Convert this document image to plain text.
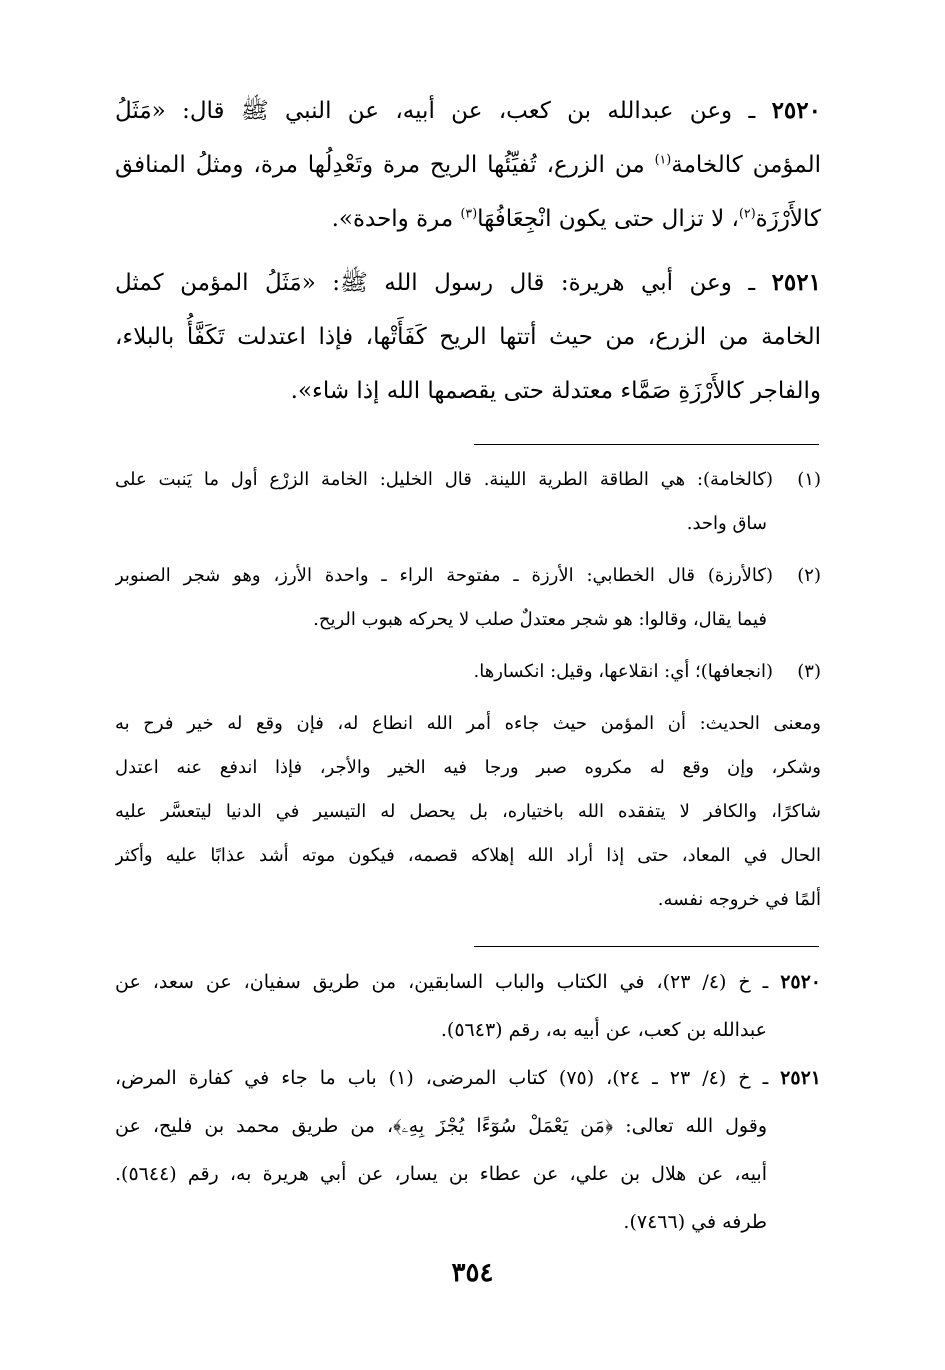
٢٥٢٠ ـ وعن عبدالله بن كعب، عن أبيه، عن النبي ﷺ قال: «مَثَلُ
المؤمن كالخامة$^{(١)}$ من الزرع، تُفيِّئُها الريح مرة وتَعْدِلُها مرة، ومثلُ المنافق
كالأَرْزَة$^{(٢)}$، لا تزال حتى يكون انْجِعَافُهَا$^{(٣)}$ مرة واحدة».
٢٥٢١ ـ وعن أبي هريرة: قال رسول الله ﷺ: «مَثَلُ المؤمن كمثل
الخامة من الزرع، من حيث أتتها الريح كَفَأَتْها، فإذا اعتدلت تَكَفَّأُ بالبلاء،
والفاجر كالأَرْزَةِ صَمَّاء معتدلة حتى يقصمها الله إذا شاء».
(١)(كالخامة): هي الطاقة الطرية اللينة. قال الخليل: الخامة الزرْع أول ما يَنبت على
ساق واحد.
(٢)(كالأرزة) قال الخطابي: الأرزة ـ مفتوحة الراء ـ واحدة الأرز، وهو شجر الصنوبر
فيما يقال، وقالوا: هو شجر معتدلٌ صلب لا يحركه هبوب الريح.
(٣)(انجعافها)؛ أي: انقلاعها، وقيل: انكسارها.
ومعنى الحديث: أن المؤمن حيث جاءه أمر الله انطاع له، فإن وقع له خير فرح به
وشكر، وإن وقع له مكروه صبر ورجا فيه الخير والأجر، فإذا اندفع عنه اعتدل
شاكرًا، والكافر لا يتفقده الله باختياره، بل يحصل له التيسير في الدنيا ليتعسَّر عليه
الحال في المعاد، حتى إذا أراد الله إهلاكه قصمه، فيكون موته أشد عذابًا عليه وأكثر
ألمًا في خروجه نفسه.
٢٥٢٠ ـ خ (٤/ ٢٣)، في الكتاب والباب السابقين، من طريق سفيان، عن سعد، عن
عبدالله بن كعب، عن أبيه به، رقم (٥٦٤٣).
٢٥٢١ ـ خ (٤/ ٢٣ ـ ٢٤)، (٧٥) كتاب المرضى، (١) باب ما جاء في كفارة المرض،
وقول الله تعالى: ﴿مَن يَعْمَلْ سُوٓءًا يُجْزَ بِهِۦ﴾، من طريق محمد بن فليح، عن
أبيه، عن هلال بن علي، عن عطاء بن يسار، عن أبي هريرة به، رقم (٥٦٤٤).
طرفه في (٧٤٦٦).
٣٥٤
